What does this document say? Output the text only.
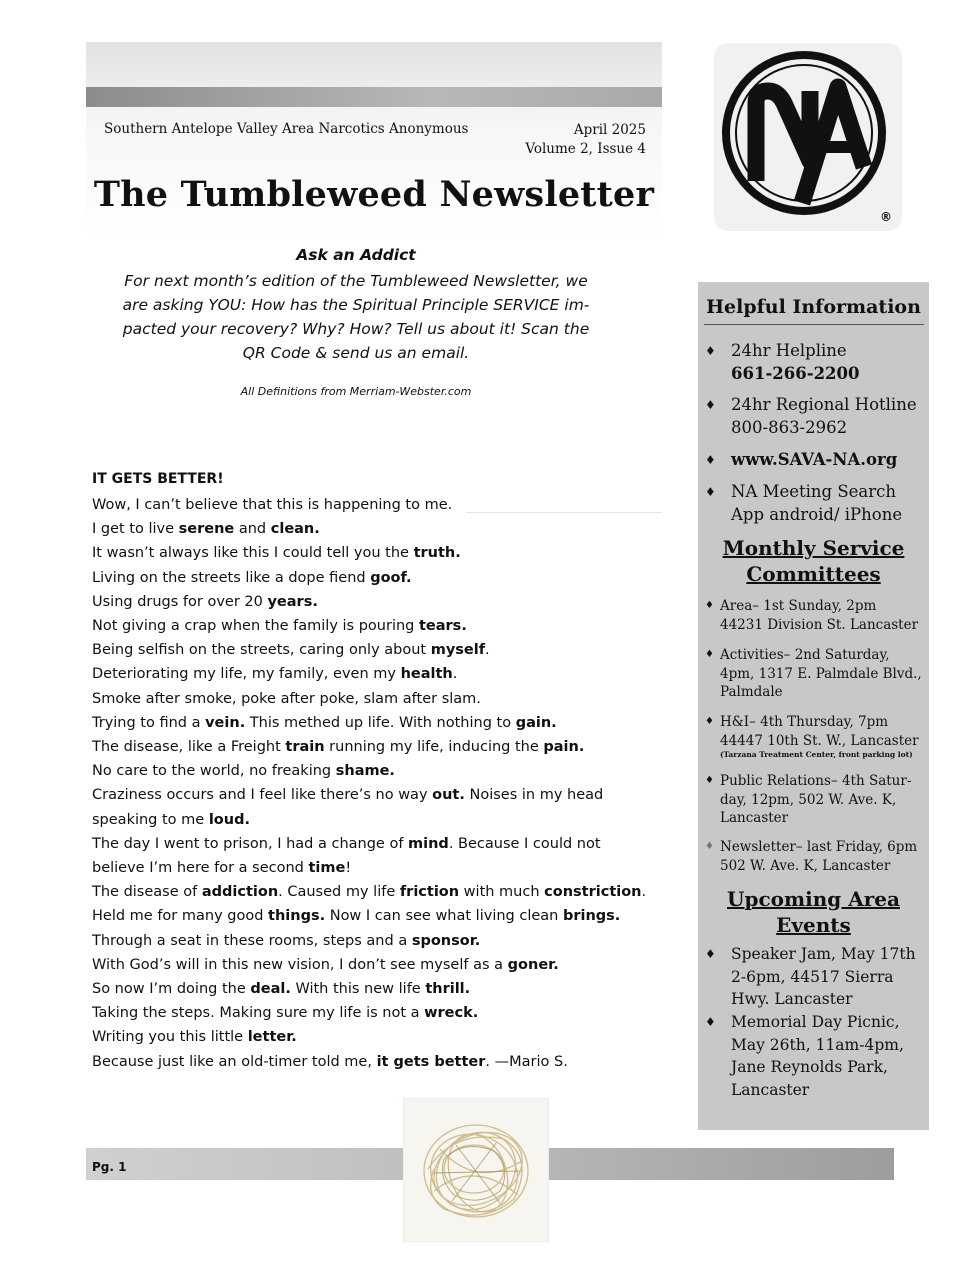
Southern Antelope Valley Area Narcotics Anonymous	April 2025
Volume 2, Issue 4
The Tumbleweed Newsletter
Ask an Addict
For next month’s edition of the Tumbleweed Newsletter, we
are asking YOU: How has the Spiritual Principle SERVICE im-
pacted your recovery? Why? How? Tell us about it! Scan the
QR Code & send us an email.
All Definitions from Merriam-Webster.com
®
IT GETS BETTER!
Wow, I can’t believe that this is happening to me.
I get to live serene and clean.
It wasn’t always like this I could tell you the truth.
Living on the streets like a dope fiend goof.
Using drugs for over 20 years.
Not giving a crap when the family is pouring tears.
Being selfish on the streets, caring only about myself.
Deteriorating my life, my family, even my health.
Smoke after smoke, poke after poke, slam after slam.
Trying to find a vein. This methed up life. With nothing to gain.
The disease, like a Freight train running my life, inducing the pain.
No care to the world, no freaking shame.
Craziness occurs and I feel like there’s no way out. Noises in my head
speaking to me loud.
The day I went to prison, I had a change of mind. Because I could not
believe I’m here for a second time!
The disease of addiction. Caused my life friction with much constriction.
Held me for many good things. Now I can see what living clean brings.
Through a seat in these rooms, steps and a sponsor.
With God’s will in this new vision, I don’t see myself as a goner.
So now I’m doing the deal. With this new life thrill.
Taking the steps. Making sure my life is not a wreck.
Writing you this little letter.
Because just like an old-timer told me, it gets better. —Mario S.
Helpful Information
♦ 24hr Helpline
661-266-2200
♦ 24hr Regional Hotline
800-863-2962
♦ www.SAVA-NA.org
♦ NA Meeting Search
App android/ iPhone
Monthly Service
Committees
♦ Area– 1st Sunday, 2pm
44231 Division St. Lancaster
♦ Activities– 2nd Saturday,
4pm, 1317 E. Palmdale Blvd.,
Palmdale
♦ H&I– 4th Thursday, 7pm
44447 10th St. W., Lancaster
(Tarzana Treatment Center, front parking lot)
♦ Public Relations– 4th Satur-
day, 12pm, 502 W. Ave. K,
Lancaster
♦ Newsletter– last Friday, 6pm
502 W. Ave. K, Lancaster
Upcoming Area
Events
♦ Speaker Jam, May 17th
2-6pm, 44517 Sierra
Hwy. Lancaster
♦ Memorial Day Picnic,
May 26th, 11am-4pm,
Jane Reynolds Park,
Lancaster
Pg. 1
